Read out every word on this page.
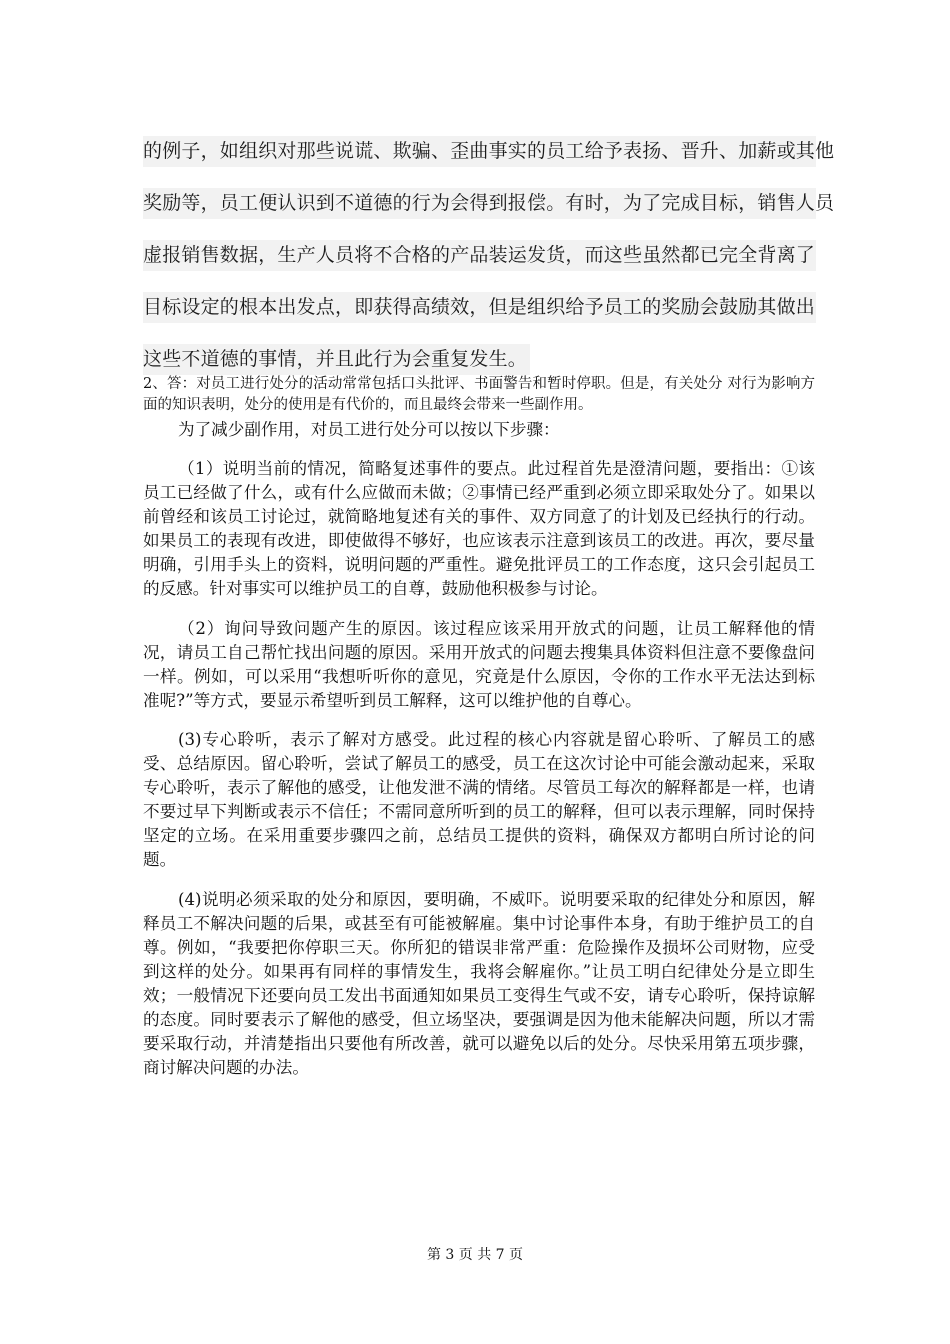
的例子，如组织对那些说谎、欺骗、歪曲事实的员工给予表扬、晋升、加薪或其他
奖励等，员工便认识到不道德的行为会得到报偿。有时，为了完成目标，销售人员
虚报销售数据，生产人员将不合格的产品装运发货，而这些虽然都已完全背离了
目标设定的根本出发点，即获得高绩效，但是组织给予员工的奖励会鼓励其做出
这些不道德的事情，并且此行为会重复发生。

2、答：对员工进行处分的活动常常包括口头批评、书面警告和暂时停职。但是，有关处分 对行为影响方面的知识表明，处分的使用是有代价的，而且最终会带来一些副作用。

为了减少副作用，对员工进行处分可以按以下步骤：

（1）说明当前的情况，简略复述事件的要点。此过程首先是澄清问题，要指出：①该员工已经做了什么，或有什么应做而未做；②事情已经严重到必须立即采取处分了。如果以前曾经和该员工讨论过，就简略地复述有关的事件、双方同意了的计划及已经执行的行动。如果员工的表现有改进，即使做得不够好，也应该表示注意到该员工的改进。再次，要尽量明确，引用手头上的资料，说明问题的严重性。避免批评员工的工作态度，这只会引起员工的反感。针对事实可以维护员工的自尊，鼓励他积极参与讨论。

（2）询问导致问题产生的原因。该过程应该采用开放式的问题，让员工解释他的情况，请员工自己帮忙找出问题的原因。采用开放式的问题去搜集具体资料但注意不要像盘问一样。例如，可以采用“我想听听你的意见，究竟是什么原因，令你的工作水平无法达到标准呢?”等方式，要显示希望听到员工解释，这可以维护他的自尊心。

(3)专心聆听，表示了解对方感受。此过程的核心内容就是留心聆听、了解员工的感受、总结原因。留心聆听，尝试了解员工的感受，员工在这次讨论中可能会激动起来，采取专心聆听，表示了解他的感受，让他发泄不满的情绪。尽管员工每次的解释都是一样，也请不要过早下判断或表示不信任；不需同意所听到的员工的解释，但可以表示理解，同时保持坚定的立场。在采用重要步骤四之前，总结员工提供的资料，确保双方都明白所讨论的问题。

(4)说明必须采取的处分和原因，要明确，不威吓。说明要采取的纪律处分和原因，解释员工不解决问题的后果，或甚至有可能被解雇。集中讨论事件本身，有助于维护员工的自尊。例如，“我要把你停职三天。你所犯的错误非常严重：危险操作及损坏公司财物，应受到这样的处分。如果再有同样的事情发生，我将会解雇你。”让员工明白纪律处分是立即生效；一般情况下还要向员工发出书面通知如果员工变得生气或不安，请专心聆听，保持谅解的态度。同时要表示了解他的感受，但立场坚决，要强调是因为他未能解决问题，所以才需要采取行动，并清楚指出只要他有所改善，就可以避免以后的处分。尽快采用第五项步骤，商讨解决问题的办法。

第 3 页 共 7 页
